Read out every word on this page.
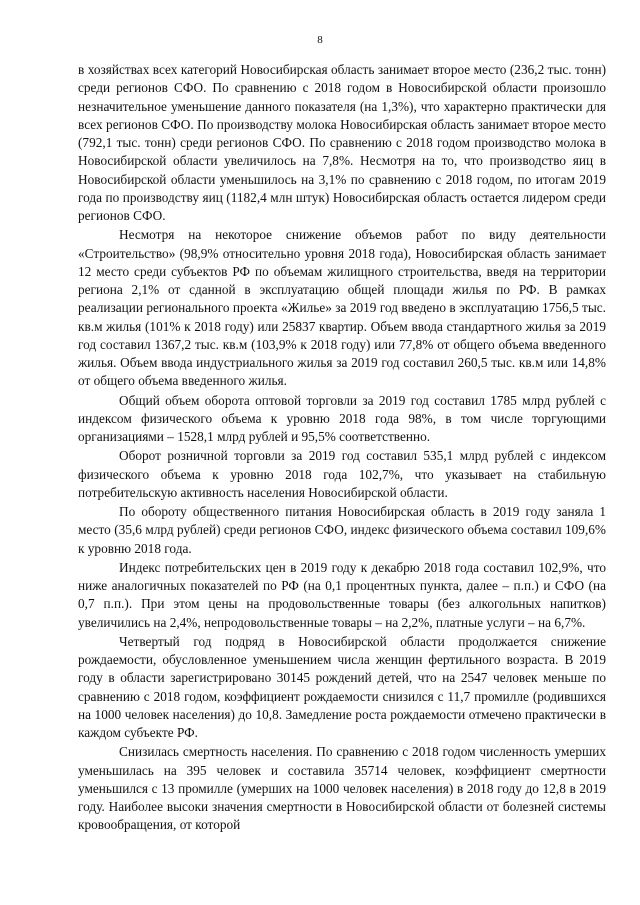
8

в хозяйствах всех категорий Новосибирская область занимает второе место (236,2 тыс. тонн) среди регионов СФО. По сравнению с 2018 годом в Новосибирской области произошло незначительное уменьшение данного показателя (на 1,3%), что характерно практически для всех регионов СФО. По производству молока Новосибирская область занимает второе место (792,1 тыс. тонн) среди регионов СФО. По сравнению с 2018 годом производство молока в Новосибирской области увеличилось на 7,8%. Несмотря на то, что производство яиц в Новосибирской области уменьшилось на 3,1% по сравнению с 2018 годом, по итогам 2019 года по производству яиц (1182,4 млн штук) Новосибирская область остается лидером среди регионов СФО.

Несмотря на некоторое снижение объемов работ по виду деятельности «Строительство» (98,9% относительно уровня 2018 года), Новосибирская область занимает 12 место среди субъектов РФ по объемам жилищного строительства, введя на территории региона 2,1% от сданной в эксплуатацию общей площади жилья по РФ. В рамках реализации регионального проекта «Жилье» за 2019 год введено в эксплуатацию 1756,5 тыс. кв.м жилья (101% к 2018 году) или 25837 квартир. Объем ввода стандартного жилья за 2019 год составил 1367,2 тыс. кв.м (103,9% к 2018 году) или 77,8% от общего объема введенного жилья. Объем ввода индустриального жилья за 2019 год составил 260,5 тыс. кв.м или 14,8% от общего объема введенного жилья.

Общий объем оборота оптовой торговли за 2019 год составил 1785 млрд рублей с индексом физического объема к уровню 2018 года 98%, в том числе торгующими организациями – 1528,1 млрд рублей и 95,5% соответственно.

Оборот розничной торговли за 2019 год составил 535,1 млрд рублей с индексом физического объема к уровню 2018 года 102,7%, что указывает на стабильную потребительскую активность населения Новосибирской области.

По обороту общественного питания Новосибирская область в 2019 году заняла 1 место (35,6 млрд рублей) среди регионов СФО, индекс физического объема составил 109,6% к уровню 2018 года.

Индекс потребительских цен в 2019 году к декабрю 2018 года составил 102,9%, что ниже аналогичных показателей по РФ (на 0,1 процентных пункта, далее – п.п.) и СФО (на 0,7 п.п.). При этом цены на продовольственные товары (без алкогольных напитков) увеличились на 2,4%, непродовольственные товары – на 2,2%, платные услуги – на 6,7%.

Четвертый год подряд в Новосибирской области продолжается снижение рождаемости, обусловленное уменьшением числа женщин фертильного возраста. В 2019 году в области зарегистрировано 30145 рождений детей, что на 2547 человек меньше по сравнению с 2018 годом, коэффициент рождаемости снизился с 11,7 промилле (родившихся на 1000 человек населения) до 10,8. Замедление роста рождаемости отмечено практически в каждом субъекте РФ.

Снизилась смертность населения. По сравнению с 2018 годом численность умерших уменьшилась на 395 человек и составила 35714 человек, коэффициент смертности уменьшился с 13 промилле (умерших на 1000 человек населения) в 2018 году до 12,8 в 2019 году. Наиболее высоки значения смертности в Новосибирской области от болезней системы кровообращения, от которой
